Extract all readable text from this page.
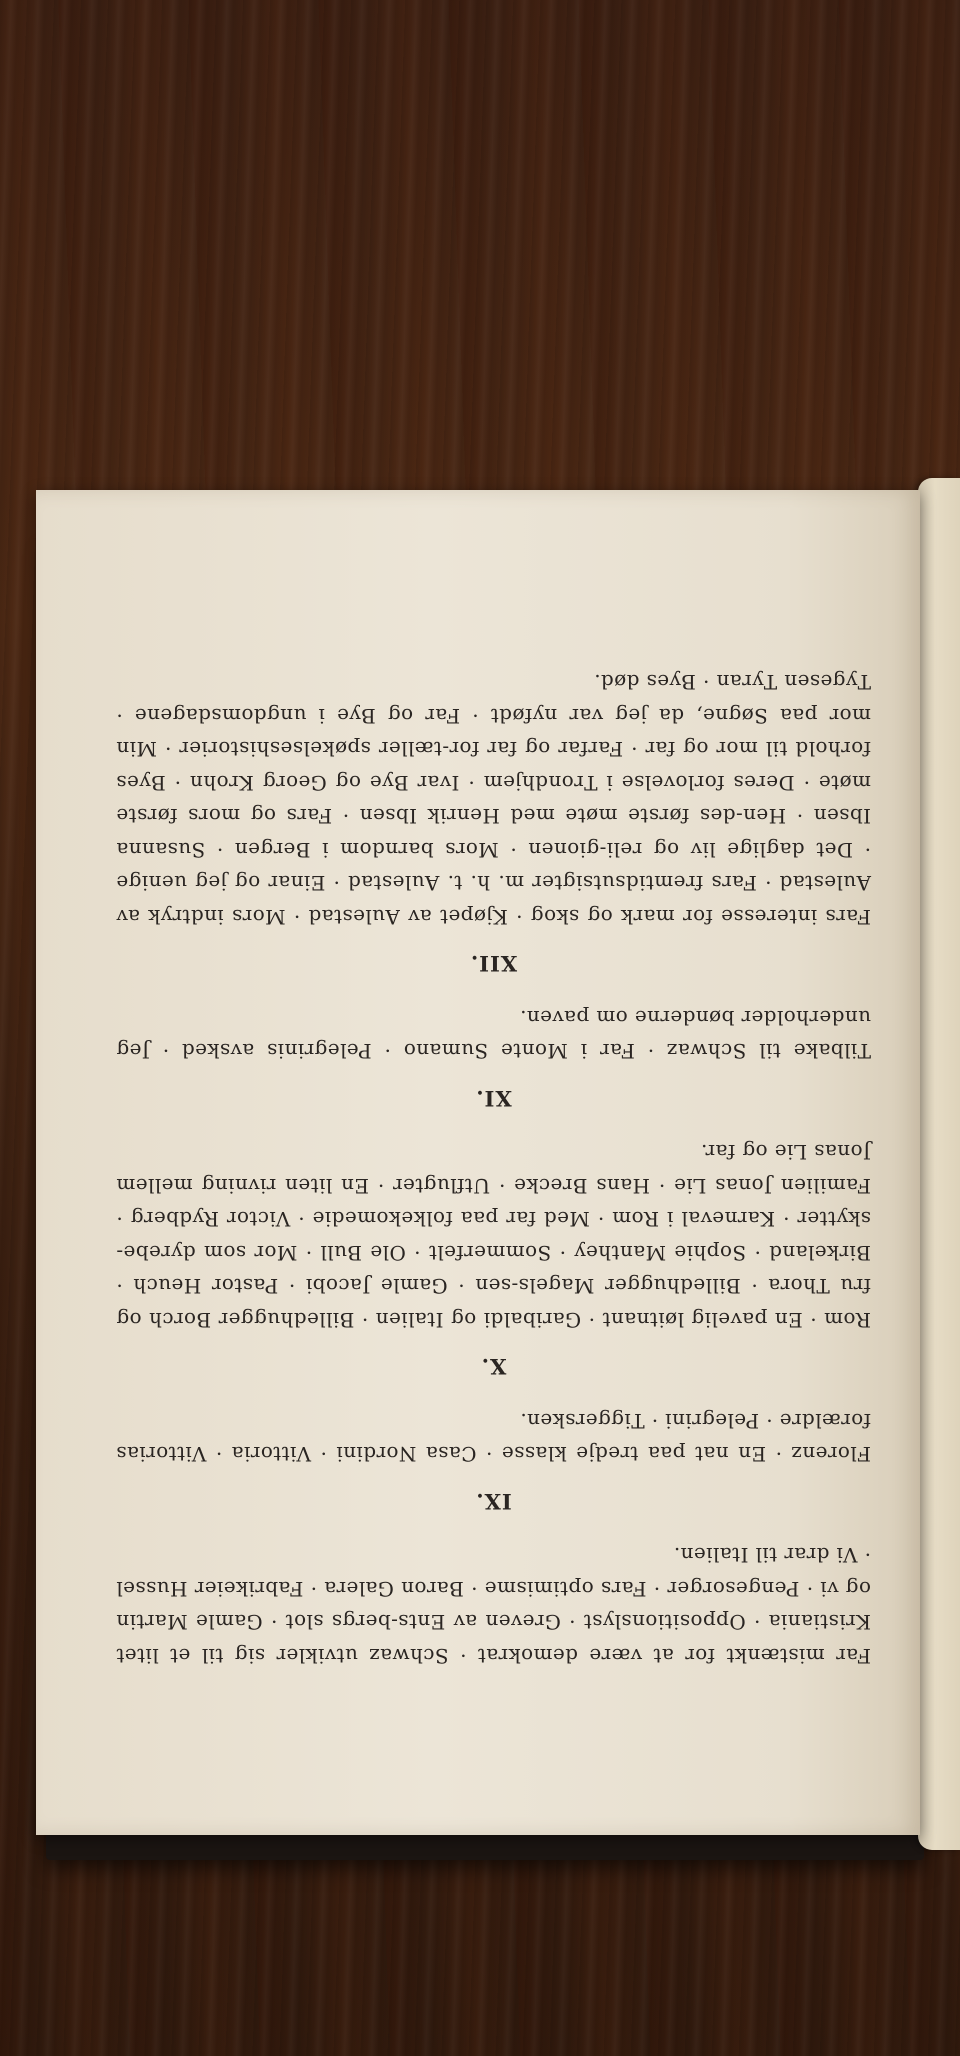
Far mistænkt for at være demokrat · Schwaz utvikler sig til et litet Kristiania · Oppositionslyst · Greven av Ents-bergs slot · Gamle Martin og vi · Pengesorger · Fars optimisme · Baron Galera · Fabrikeier Hussel · Vi drar til Italien.
IX.
Florenz · En nat paa tredje klasse · Casa Nordini · Vittoria · Vittorias forældre · Pelegrini · Tiggersken.
X.
Rom · En pavelig løitnant · Garibaldi og Italien · Billedhugger Borch og fru Thora · Billedhugger Magels-sen · Gamle Jacobi · Pastor Heuch · Birkeland · Sophie Manthey · Sommerfelt · Ole Bull · Mor som dyrebe-skytter · Karneval i Rom · Med far paa folkekomedie · Victor Rydberg · Familien Jonas Lie · Hans Brecke · Utflugter · En liten rivning mellem Jonas Lie og far.
XI.
Tilbake til Schwaz · Far i Monte Sumano · Pelegrinis avsked · Jeg underholder bønderne om paven.
XII.
Fars interesse for mark og skog · Kjøpet av Aulestad · Mors indtryk av Aulestad · Fars fremtidsutsigter m. h. t. Aulestad · Einar og jeg uenige · Det daglige liv og reli-gionen · Mors barndom i Bergen · Susanna Ibsen · Hen-des første møte med Henrik Ibsen · Fars og mors første møte · Deres forlovelse i Trondhjem · Ivar Bye og Georg Krohn · Byes forhold til mor og far · Farfar og far for-tæller spøkelseshistorier · Min mor paa Søgne, da jeg var nyfødt · Far og Bye i ungdomsdagene · Tygesen Tyran · Byes død.
